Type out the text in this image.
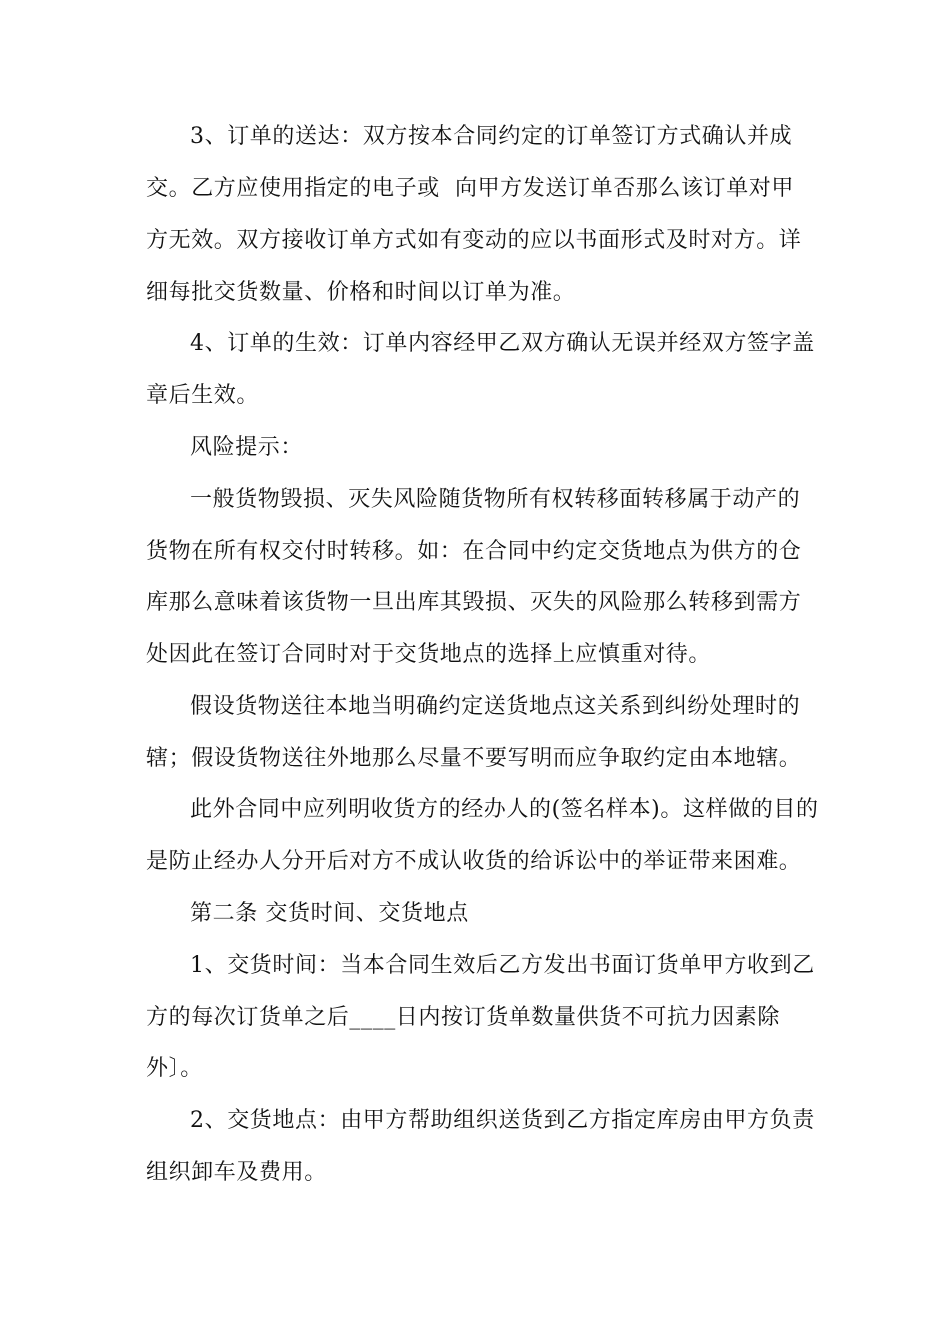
3、订单的送达：双方按本合同约定的订单签订方式确认并成
交。乙方应使用指定的电子或  向甲方发送订单否那么该订单对甲
方无效。双方接收订单方式如有变动的应以书面形式及时对方。详
细每批交货数量、价格和时间以订单为准。
4、订单的生效：订单内容经甲乙双方确认无误并经双方签字盖
章后生效。
风险提示：
一般货物毁损、灭失风险随货物所有权转移面转移属于动产的
货物在所有权交付时转移。如：在合同中约定交货地点为供方的仓
库那么意味着该货物一旦出库其毁损、灭失的风险那么转移到需方
处因此在签订合同时对于交货地点的选择上应慎重对待。
假设货物送往本地当明确约定送货地点这关系到纠纷处理时的
辖；假设货物送往外地那么尽量不要写明而应争取约定由本地辖。
此外合同中应列明收货方的经办人的(签名样本)。这样做的目的
是防止经办人分开后对方不成认收货的给诉讼中的举证带来困难。
第二条 交货时间、交货地点
1、交货时间：当本合同生效后乙方发出书面订货单甲方收到乙
方的每次订货单之后____日内按订货单数量供货不可抗力因素除
外〕。
2、交货地点：由甲方帮助组织送货到乙方指定库房由甲方负责
组织卸车及费用。
